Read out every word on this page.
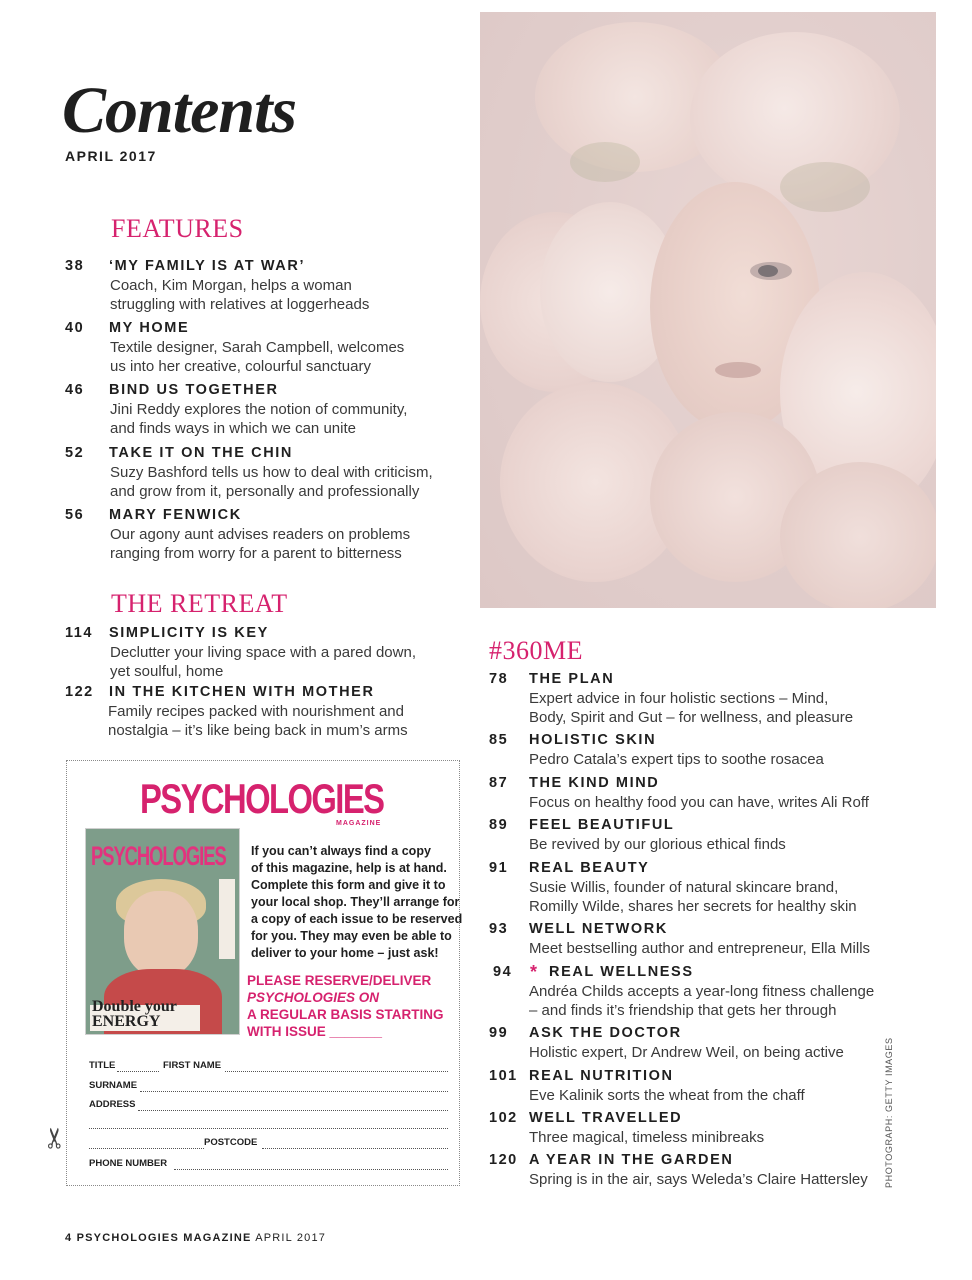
Contents
APRIL 2017
FEATURES
38 ‘MY FAMILY IS AT WAR’
Coach, Kim Morgan, helps a woman
struggling with relatives at loggerheads
40 MY HOME
Textile designer, Sarah Campbell, welcomes
us into her creative, colourful sanctuary
46 BIND US TOGETHER
Jini Reddy explores the notion of community,
and finds ways in which we can unite
52 TAKE IT ON THE CHIN
Suzy Bashford tells us how to deal with criticism,
and grow from it, personally and professionally
56 MARY FENWICK
Our agony aunt advises readers on problems
ranging from worry for a parent to bitterness
THE RETREAT
114 SIMPLICITY IS KEY
Declutter your living space with a pared down,
yet soulful, home
122 IN THE KITCHEN WITH MOTHER
Family recipes packed with nourishment and
nostalgia – it’s like being back in mum’s arms
#360ME
78 THE PLAN
Expert advice in four holistic sections – Mind,
Body, Spirit and Gut – for wellness, and pleasure
85 HOLISTIC SKIN
Pedro Catala’s expert tips to soothe rosacea
87 THE KIND MIND
Focus on healthy food you can have, writes Ali Roff
89 FEEL BEAUTIFUL
Be revived by our glorious ethical finds
91 REAL BEAUTY
Susie Willis, founder of natural skincare brand,
Romilly Wilde, shares her secrets for healthy skin
93 WELL NETWORK
Meet bestselling author and entrepreneur, Ella Mills
94 * REAL WELLNESS
Andréa Childs accepts a year-long fitness challenge
– and finds it’s friendship that gets her through
99 ASK THE DOCTOR
Holistic expert, Dr Andrew Weil, on being active
101 REAL NUTRITION
Eve Kalinik sorts the wheat from the chaff
102 WELL TRAVELLED
Three magical, timeless minibreaks
120 A YEAR IN THE GARDEN
Spring is in the air, says Weleda’s Claire Hattersley PHOTOGRAPH: GETTY IMAGES
PSYCHOLOGIES
MAGAZINE
PSYCHOLOGIES
Double your
ENERGY
If you can’t always find a copy
of this magazine, help is at hand.
Complete this form and give it to
your local shop. They’ll arrange for
a copy of each issue to be reserved
for you. They may even be able to
deliver to your home – just ask!
PLEASE RESERVE/DELIVER
PSYCHOLOGIES ON
A REGULAR BASIS STARTING
WITH ISSUE _______
TITLE	FIRST NAME
SURNAME
ADDRESS
POSTCODE
PHONE NUMBER
✂
4 PSYCHOLOGIES MAGAZINE APRIL 2017
